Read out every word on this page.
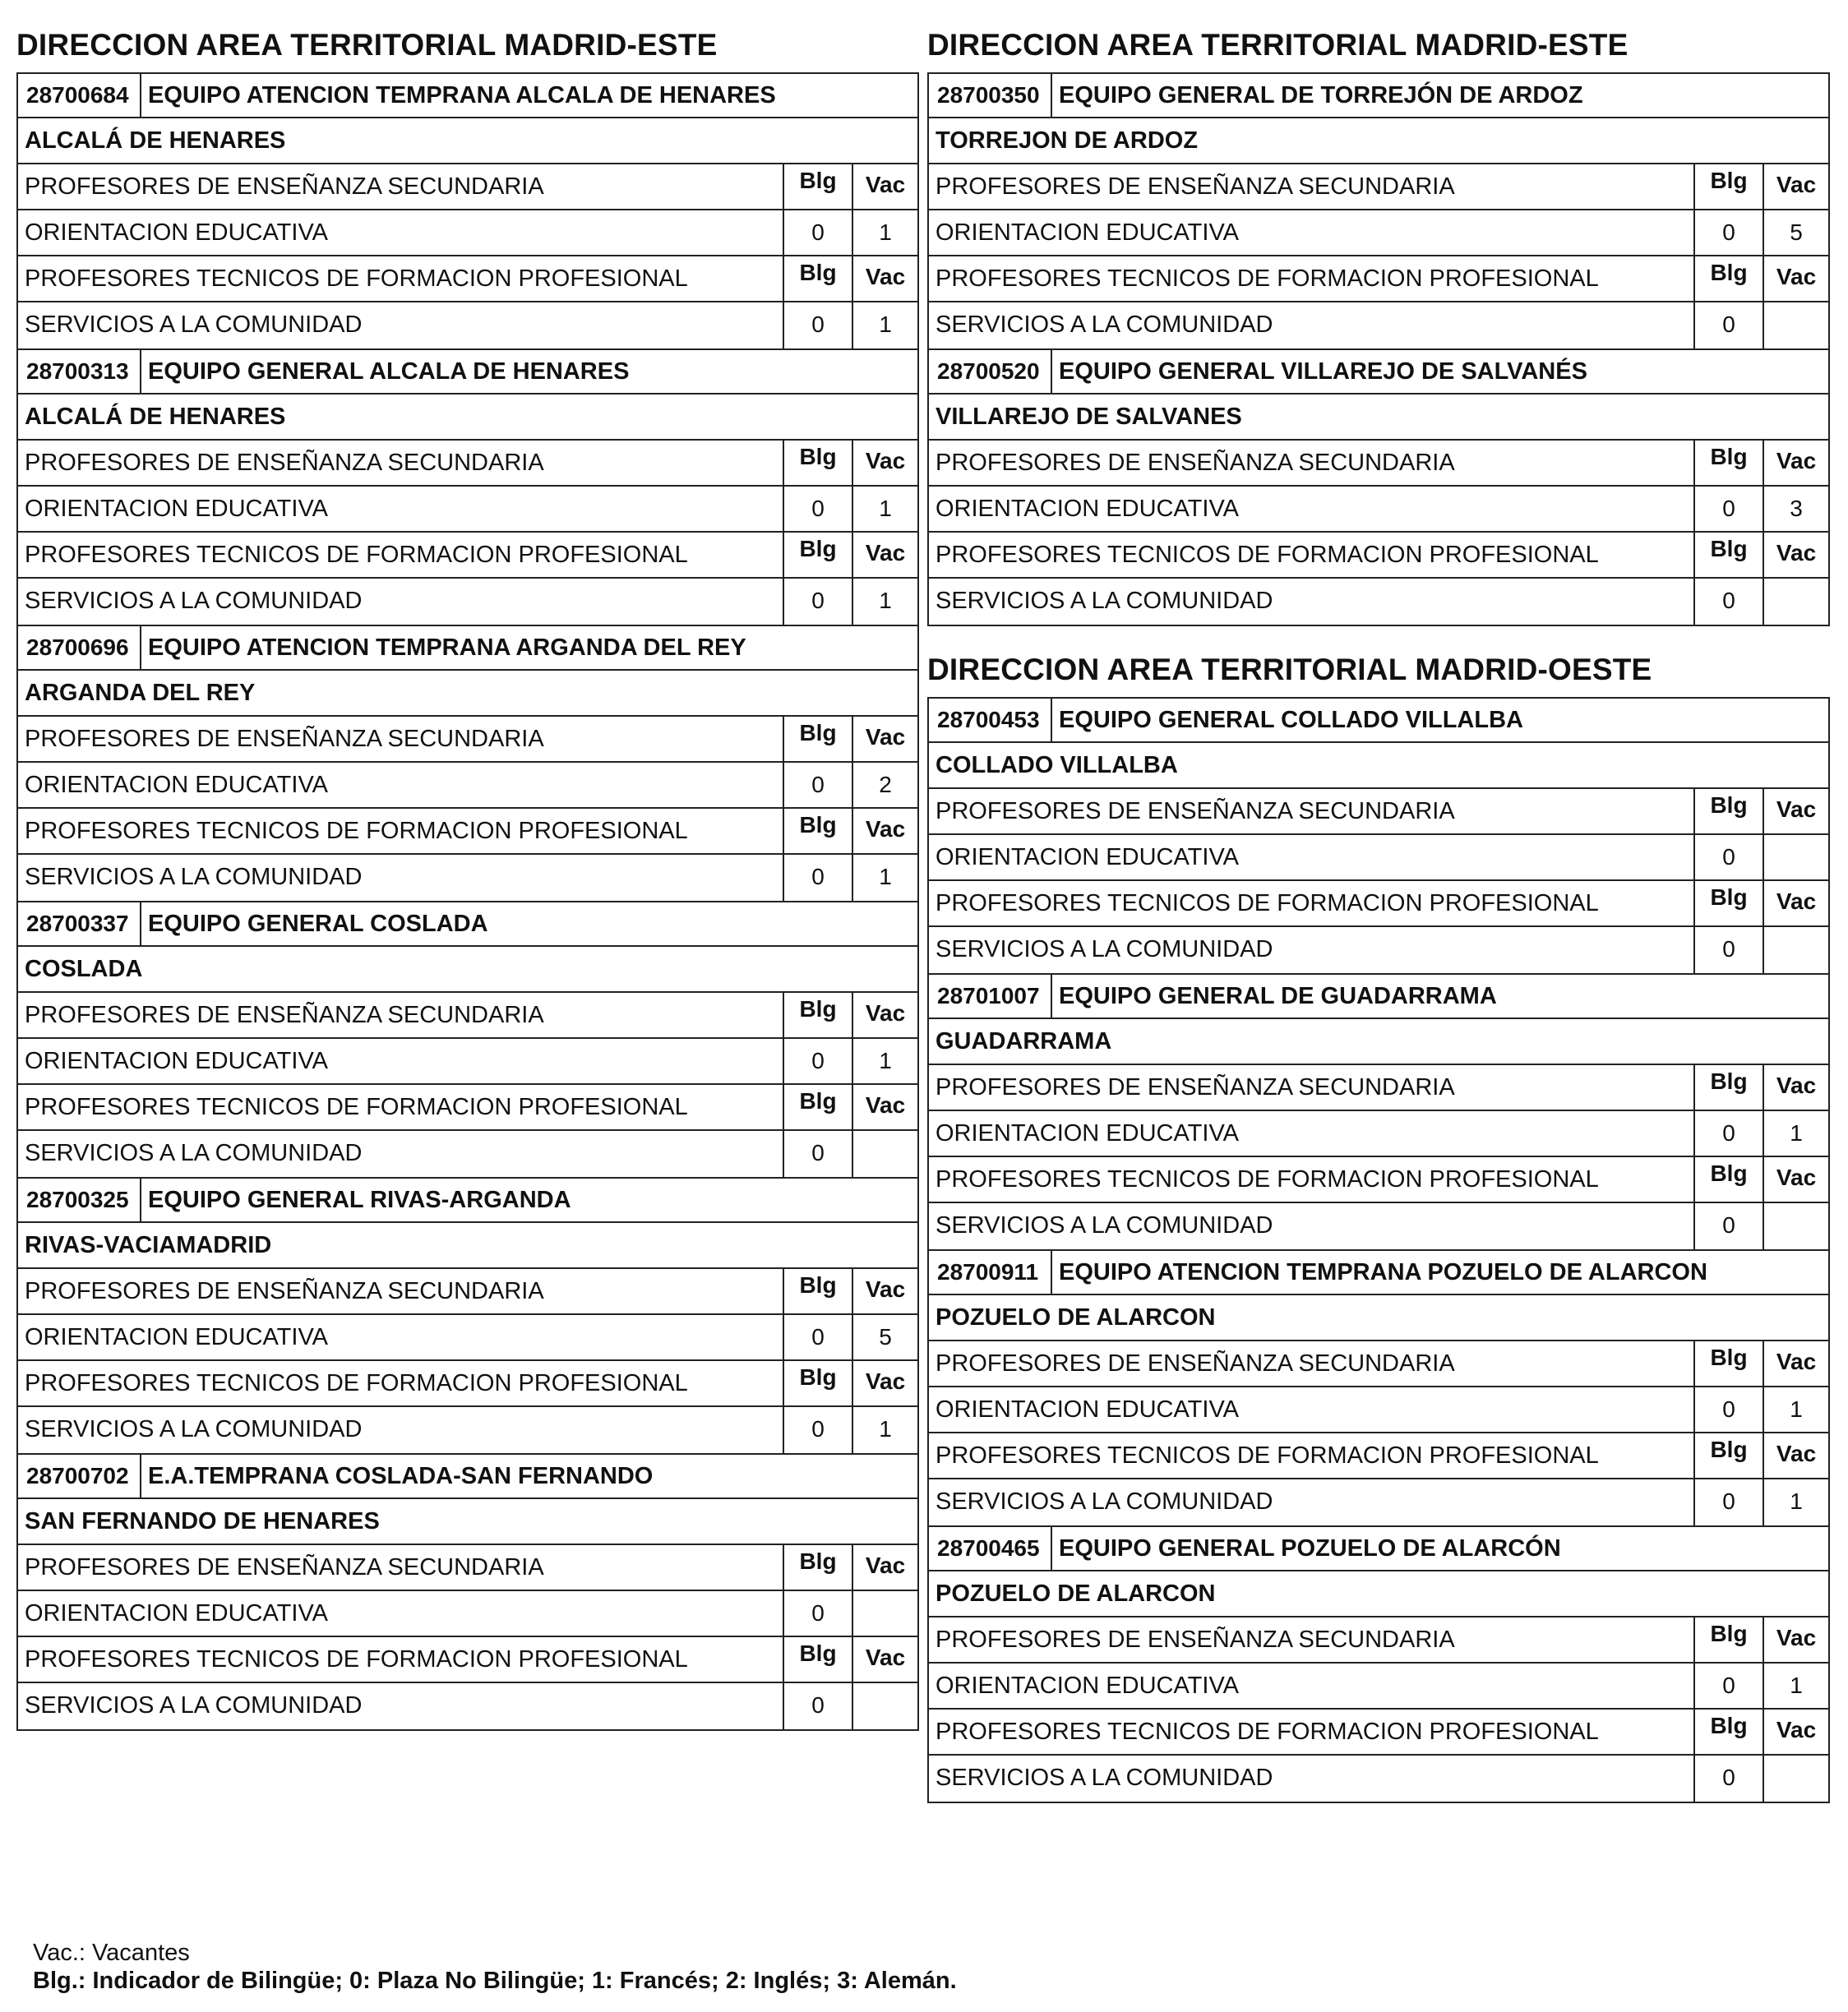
DIRECCION AREA TERRITORIAL MADRID-ESTE
28700684 EQUIPO ATENCION TEMPRANA ALCALA DE HENARES
ALCALÁ DE HENARES
PROFESORES DE ENSEÑANZA SECUNDARIA	Blg	Vac
ORIENTACION EDUCATIVA	0	1
PROFESORES TECNICOS DE FORMACION PROFESIONAL	Blg	Vac
SERVICIOS A LA COMUNIDAD	0	1
28700313 EQUIPO GENERAL ALCALA DE HENARES
ALCALÁ DE HENARES
PROFESORES DE ENSEÑANZA SECUNDARIA	Blg	Vac
ORIENTACION EDUCATIVA	0	1
PROFESORES TECNICOS DE FORMACION PROFESIONAL	Blg	Vac
SERVICIOS A LA COMUNIDAD	0	1
28700696 EQUIPO ATENCION TEMPRANA ARGANDA DEL REY
ARGANDA DEL REY
PROFESORES DE ENSEÑANZA SECUNDARIA	Blg	Vac
ORIENTACION EDUCATIVA	0	2
PROFESORES TECNICOS DE FORMACION PROFESIONAL	Blg	Vac
SERVICIOS A LA COMUNIDAD	0	1
28700337 EQUIPO GENERAL COSLADA
COSLADA
PROFESORES DE ENSEÑANZA SECUNDARIA	Blg	Vac
ORIENTACION EDUCATIVA	0	1
PROFESORES TECNICOS DE FORMACION PROFESIONAL	Blg	Vac
SERVICIOS A LA COMUNIDAD	0
28700325 EQUIPO GENERAL RIVAS-ARGANDA
RIVAS-VACIAMADRID
PROFESORES DE ENSEÑANZA SECUNDARIA	Blg	Vac
ORIENTACION EDUCATIVA	0	5
PROFESORES TECNICOS DE FORMACION PROFESIONAL	Blg	Vac
SERVICIOS A LA COMUNIDAD	0	1
28700702 E.A.TEMPRANA COSLADA-SAN FERNANDO
SAN FERNANDO DE HENARES
PROFESORES DE ENSEÑANZA SECUNDARIA	Blg	Vac
ORIENTACION EDUCATIVA	0
PROFESORES TECNICOS DE FORMACION PROFESIONAL	Blg	Vac
SERVICIOS A LA COMUNIDAD	0
DIRECCION AREA TERRITORIAL MADRID-ESTE
28700350 EQUIPO GENERAL DE TORREJÓN DE ARDOZ
TORREJON DE ARDOZ
PROFESORES DE ENSEÑANZA SECUNDARIA	Blg	Vac
ORIENTACION EDUCATIVA	0	5
PROFESORES TECNICOS DE FORMACION PROFESIONAL	Blg	Vac
SERVICIOS A LA COMUNIDAD	0
28700520 EQUIPO GENERAL VILLAREJO DE SALVANÉS
VILLAREJO DE SALVANES
PROFESORES DE ENSEÑANZA SECUNDARIA	Blg	Vac
ORIENTACION EDUCATIVA	0	3
PROFESORES TECNICOS DE FORMACION PROFESIONAL	Blg	Vac
SERVICIOS A LA COMUNIDAD	0
DIRECCION AREA TERRITORIAL MADRID-OESTE
28700453 EQUIPO GENERAL COLLADO VILLALBA
COLLADO VILLALBA
PROFESORES DE ENSEÑANZA SECUNDARIA	Blg	Vac
ORIENTACION EDUCATIVA	0
PROFESORES TECNICOS DE FORMACION PROFESIONAL	Blg	Vac
SERVICIOS A LA COMUNIDAD	0
28701007 EQUIPO GENERAL DE GUADARRAMA
GUADARRAMA
PROFESORES DE ENSEÑANZA SECUNDARIA	Blg	Vac
ORIENTACION EDUCATIVA	0	1
PROFESORES TECNICOS DE FORMACION PROFESIONAL	Blg	Vac
SERVICIOS A LA COMUNIDAD	0
28700911 EQUIPO ATENCION TEMPRANA POZUELO DE ALARCON
POZUELO DE ALARCON
PROFESORES DE ENSEÑANZA SECUNDARIA	Blg	Vac
ORIENTACION EDUCATIVA	0	1
PROFESORES TECNICOS DE FORMACION PROFESIONAL	Blg	Vac
SERVICIOS A LA COMUNIDAD	0	1
28700465 EQUIPO GENERAL POZUELO DE ALARCÓN
POZUELO DE ALARCON
PROFESORES DE ENSEÑANZA SECUNDARIA	Blg	Vac
ORIENTACION EDUCATIVA	0	1
PROFESORES TECNICOS DE FORMACION PROFESIONAL	Blg	Vac
SERVICIOS A LA COMUNIDAD	0
Vac.: Vacantes
Blg.: Indicador de Bilingüe; 0: Plaza No Bilingüe; 1: Francés; 2: Inglés; 3: Alemán.
